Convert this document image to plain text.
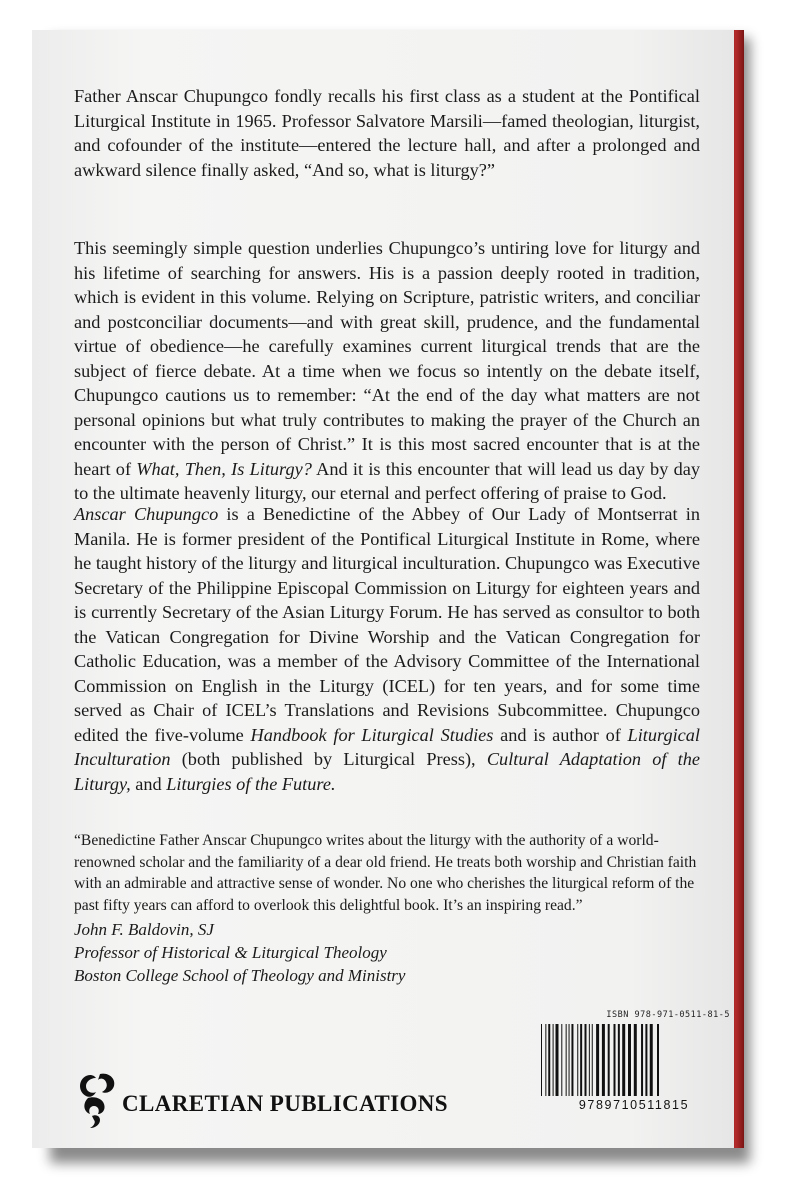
Father Anscar Chupungco fondly recalls his first class as a student at the Pontifical Liturgical Institute in 1965. Professor Salvatore Marsili—famed theologian, liturgist, and cofounder of the institute—entered the lecture hall, and after a prolonged and awkward silence finally asked, “And so, what is liturgy?”

This seemingly simple question underlies Chupungco’s untiring love for liturgy and his lifetime of searching for answers. His is a passion deeply rooted in tradition, which is evident in this volume. Relying on Scripture, patristic writers, and conciliar and postconciliar documents—and with great skill, prudence, and the fundamental virtue of obedience—he carefully examines current liturgical trends that are the subject of fierce debate. At a time when we focus so intently on the debate itself, Chupungco cautions us to remember: “At the end of the day what matters are not personal opinions but what truly contributes to making the prayer of the Church an encounter with the person of Christ.” It is this most sacred encounter that is at the heart of What, Then, Is Liturgy? And it is this encounter that will lead us day by day to the ultimate heavenly liturgy, our eternal and perfect offering of praise to God.

Anscar Chupungco is a Benedictine of the Abbey of Our Lady of Montserrat in Manila. He is former president of the Pontifical Liturgical Institute in Rome, where he taught history of the liturgy and liturgical inculturation. Chupungco was Executive Secretary of the Philippine Episcopal Commission on Liturgy for eighteen years and is currently Secretary of the Asian Liturgy Forum. He has served as consultor to both the Vatican Congregation for Divine Worship and the Vatican Congregation for Catholic Education, was a member of the Advisory Committee of the International Commission on English in the Liturgy (ICEL) for ten years, and for some time served as Chair of ICEL’s Translations and Revisions Subcommittee. Chupungco edited the five-volume Handbook for Liturgical Studies and is author of Liturgical Inculturation (both published by Liturgical Press), Cultural Adaptation of the Liturgy, and Liturgies of the Future.

“Benedictine Father Anscar Chupungco writes about the liturgy with the authority of a world-renowned scholar and the familiarity of a dear old friend. He treats both worship and Christian faith with an admirable and attractive sense of wonder. No one who cherishes the liturgical reform of the past fifty years can afford to overlook this delightful book. It’s an inspiring read.”

John F. Baldovin, SJ
Professor of Historical & Liturgical Theology
Boston College School of Theology and Ministry
CLARETIAN PUBLICATIONS
ISBN 978-971-0511-81-5
9789710511815
